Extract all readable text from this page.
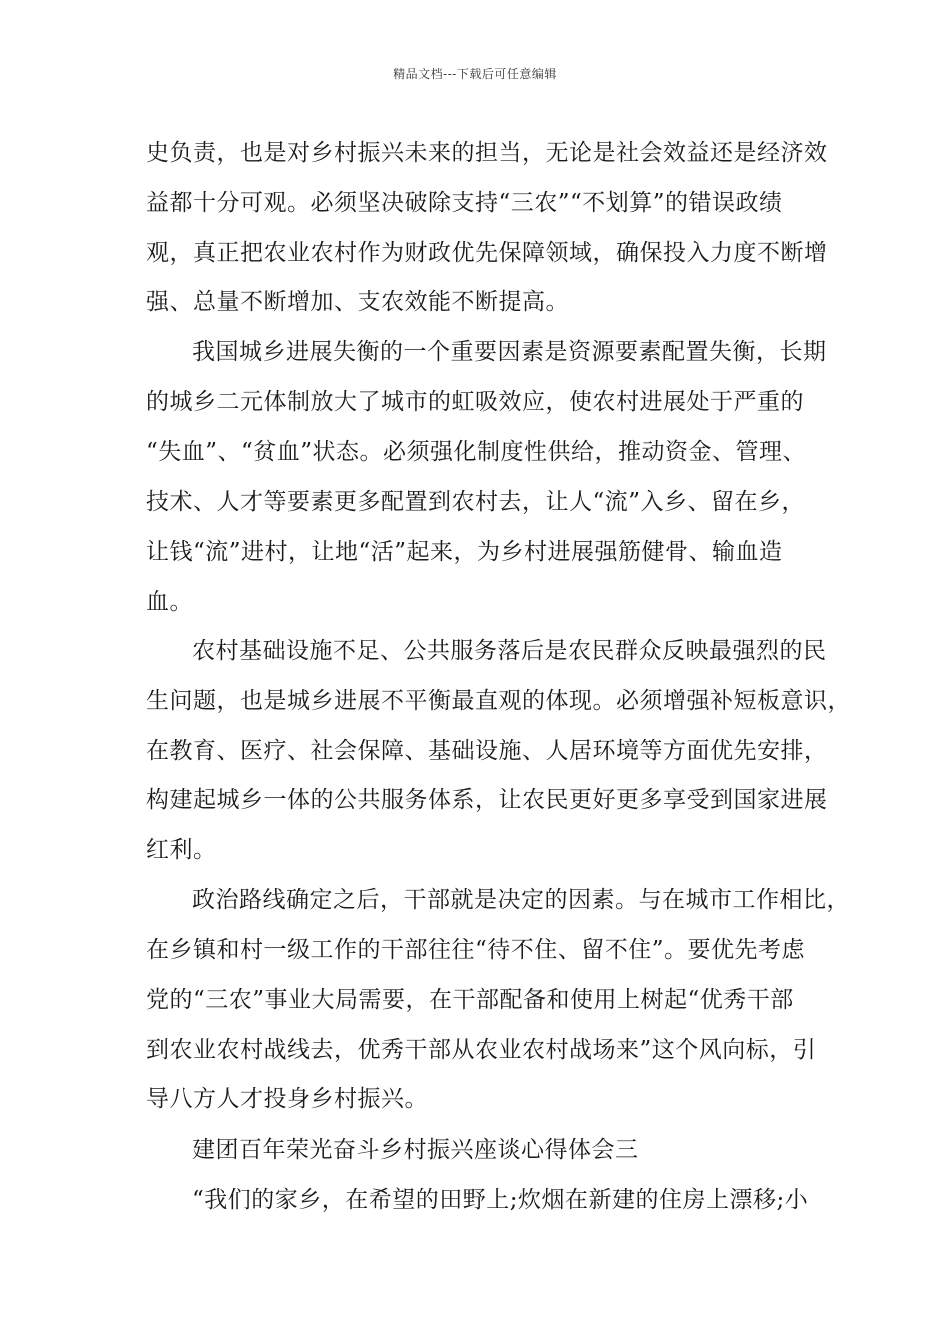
精品文档---下载后可任意编辑
史负责，也是对乡村振兴未来的担当，无论是社会效益还是经济效
益都十分可观。必须坚决破除支持“三农”“不划算”的错误政绩
观，真正把农业农村作为财政优先保障领域，确保投入力度不断增
强、总量不断增加、支农效能不断提高。
我国城乡进展失衡的一个重要因素是资源要素配置失衡，长期
的城乡二元体制放大了城市的虹吸效应，使农村进展处于严重的
“失血”、“贫血”状态。必须强化制度性供给，推动资金、管理、
技术、人才等要素更多配置到农村去，让人“流”入乡、留在乡，
让钱“流”进村，让地“活”起来，为乡村进展强筋健骨、输血造
血。
农村基础设施不足、公共服务落后是农民群众反映最强烈的民
生问题，也是城乡进展不平衡最直观的体现。必须增强补短板意识，
在教育、医疗、社会保障、基础设施、人居环境等方面优先安排，
构建起城乡一体的公共服务体系，让农民更好更多享受到国家进展
红利。
政治路线确定之后，干部就是决定的因素。与在城市工作相比，
在乡镇和村一级工作的干部往往“待不住、留不住”。要优先考虑
党的“三农”事业大局需要，在干部配备和使用上树起“优秀干部
到农业农村战线去，优秀干部从农业农村战场来”这个风向标，引
导八方人才投身乡村振兴。
建团百年荣光奋斗乡村振兴座谈心得体会三
“我们的家乡，在希望的田野上;炊烟在新建的住房上漂移;小
